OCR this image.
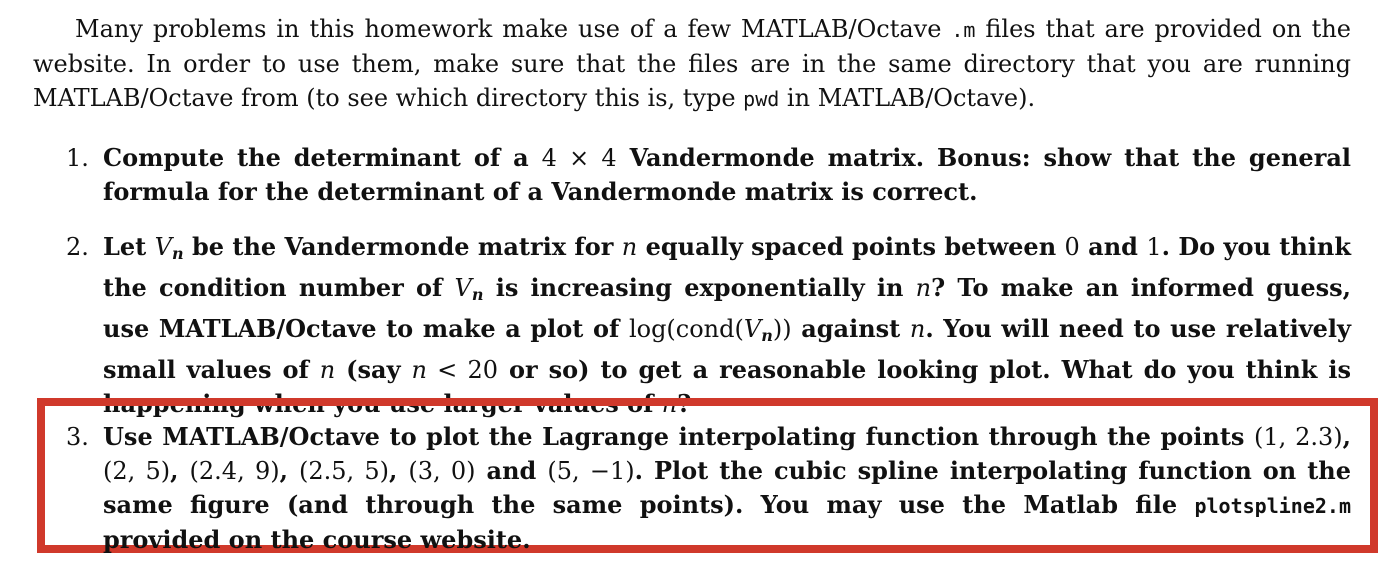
Many problems in this homework make use of a few MATLAB/Octave .m files that are provided on the website. In order to use them, make sure that the files are in the same directory that you are running MATLAB/Octave from (to see which directory this is, type pwd in MATLAB/Octave).

1. Compute the determinant of a 4 × 4 Vandermonde matrix. Bonus: show that the general formula for the determinant of a Vandermonde matrix is correct.
2. Let $V_n$ be the Vandermonde matrix for n equally spaced points between 0 and 1. Do you think the condition number of $V_n$ is increasing exponentially in n? To make an informed guess, use MATLAB/Octave to make a plot of $\log(cond(V_n))$ against n. You will need to use relatively small values of n (say n < 20 or so) to get a reasonable looking plot. What do you think is happening when you use larger values of n?
3. Use MATLAB/Octave to plot the Lagrange interpolating function through the points (1, 2.3), (2, 5), (2.4, 9), (2.5, 5), (3, 0) and (5, −1). Plot the cubic spline interpolating function on the same figure (and through the same points). You may use the Matlab file plotspline2.m provided on the course website.
